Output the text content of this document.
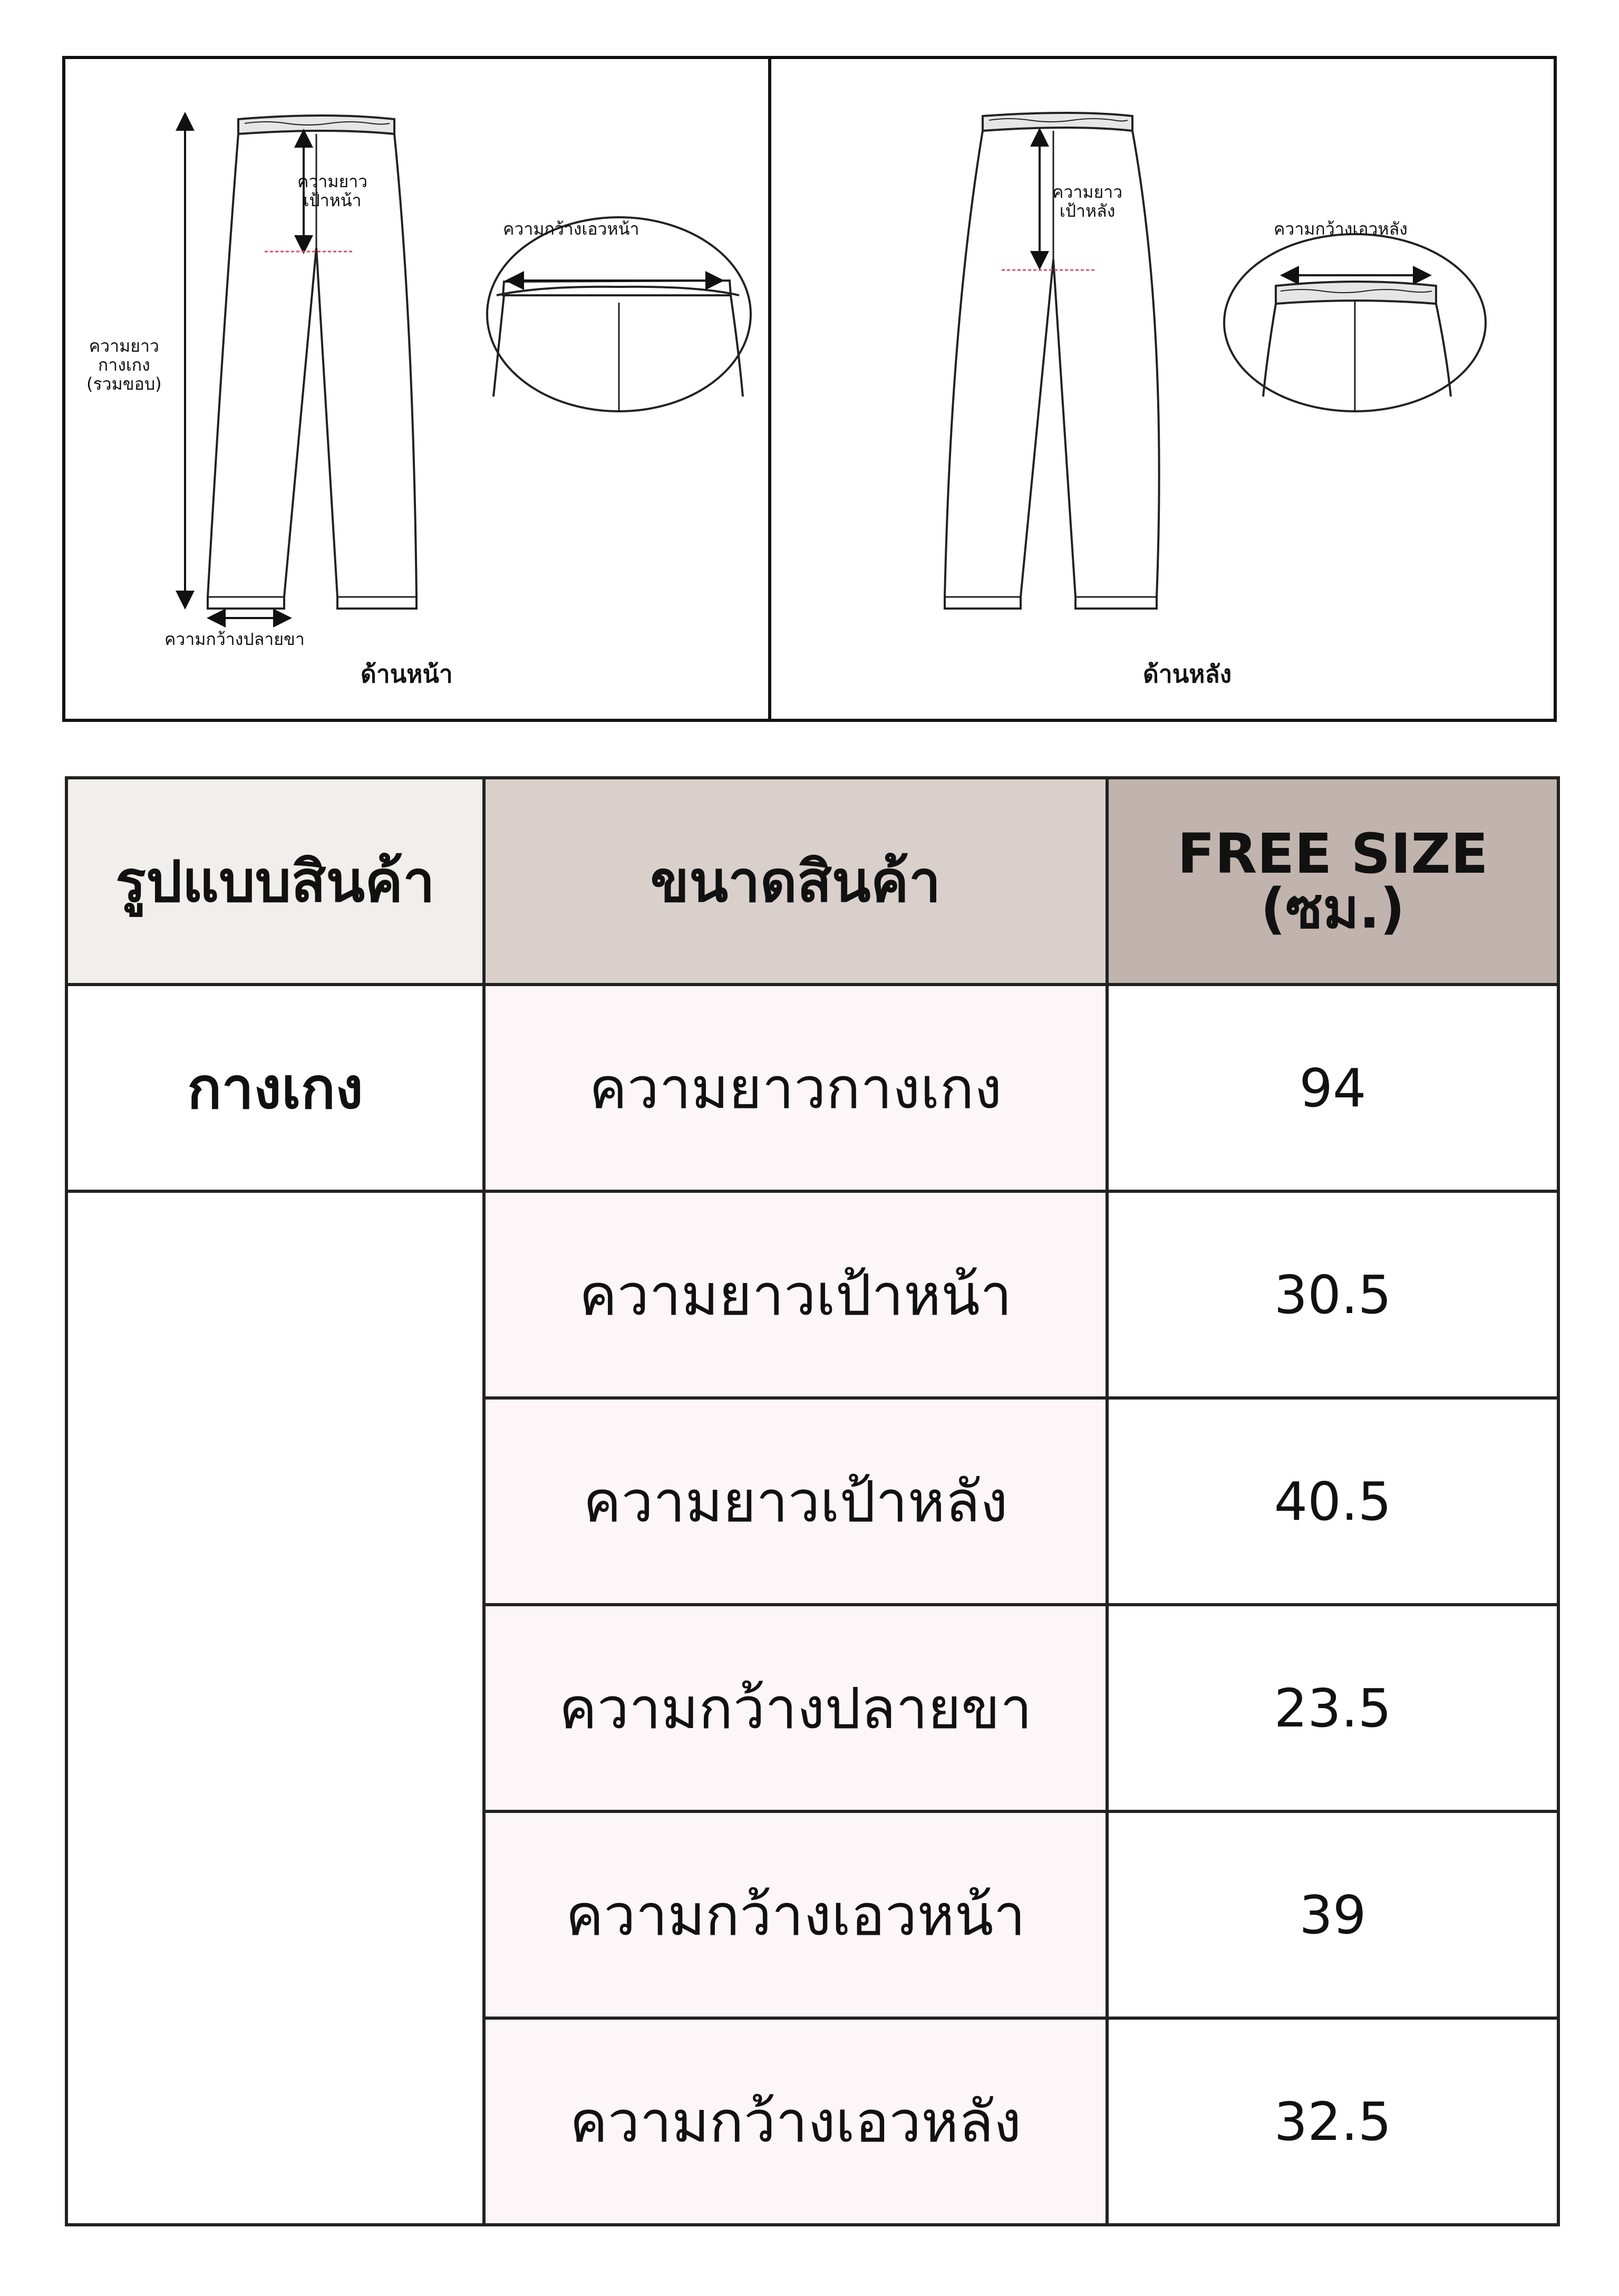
ความยาว
เป้าหน้า
ความยาว
กางเกง
(รวมขอบ)
ความกว้างปลายขา
ความกว้างเอวหน้า
ด้านหน้า
ความยาว
เป้าหลัง
ความกว้างเอวหลัง
ด้านหลัง
รูปแบบสินค้า	ขนาดสินค้า	FREE SIZE
(ซม.)

กางเกง	ความยาวกางเกง	94
	ความยาวเป้าหน้า	30.5
	ความยาวเป้าหลัง	40.5
	ความกว้างปลายขา	23.5
	ความกว้างเอวหน้า	39
	ความกว้างเอวหลัง	32.5
